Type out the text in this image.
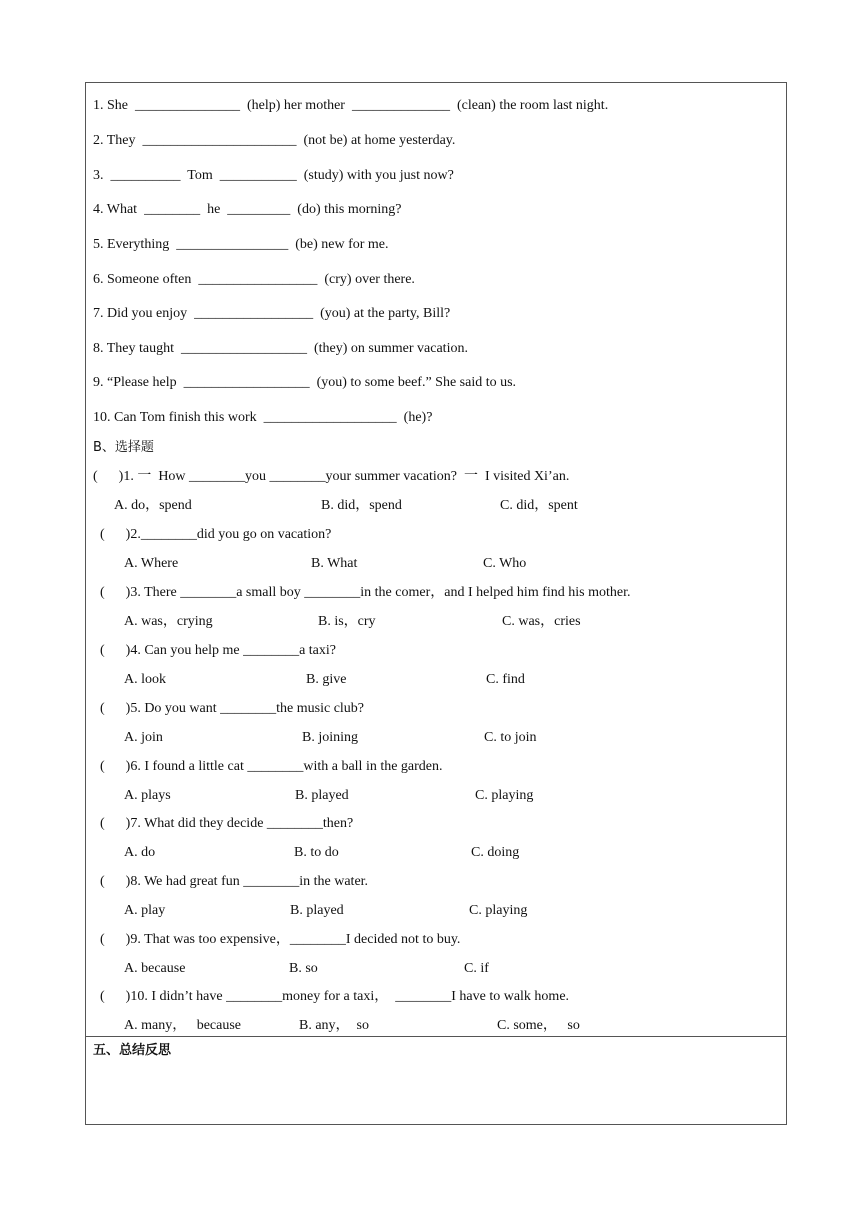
1. She  _______________  (help) her mother  ______________  (clean) the room last night.
2. They  ______________________  (not be) at home yesterday.
3.  __________  Tom  ___________  (study) with you just now?
4. What  ________  he  _________  (do) this morning?
5. Everything  ________________  (be) new for me.
6. Someone often  _________________  (cry) over there.
7. Did you enjoy  _________________  (you) at the party, Bill?
8. They taught  __________________  (they) on summer vacation.
9. “Please help  __________________  (you) to some beef.” She said to us.
10. Can Tom finish this work  ___________________  (he)?
B、选择题
(      )1. 一  How ________you ________your summer vacation?  一  I visited Xi’an.
A. do，spend	B. did，spend	C. did，spent
(      )2.________did you go on vacation?
A. Where	B. What	C. Who
(      )3. There ________a small boy ________in the comer，and I helped him find his mother.
A. was，crying	B. is，cry	C. was，cries
(      )4. Can you help me ________a taxi?
A. look	B. give	C. find
(      )5. Do you want ________the music club?
A. join	B. joining	C. to join
(      )6. I found a little cat ________with a ball in the garden.
A. plays	B. played	C. playing
(      )7. What did they decide ________then?
A. do	B. to do	C. doing
(      )8. We had great fun ________in the water.
A. play	B. played	C. playing
(      )9. That was too expensive，________I decided not to buy.
A. because	B. so	C. if
(      )10. I didn’t have ________money for a taxi，  ________I have to walk home.
A. many，   because	B. any，  so	C. some，   so
五、总结反思
